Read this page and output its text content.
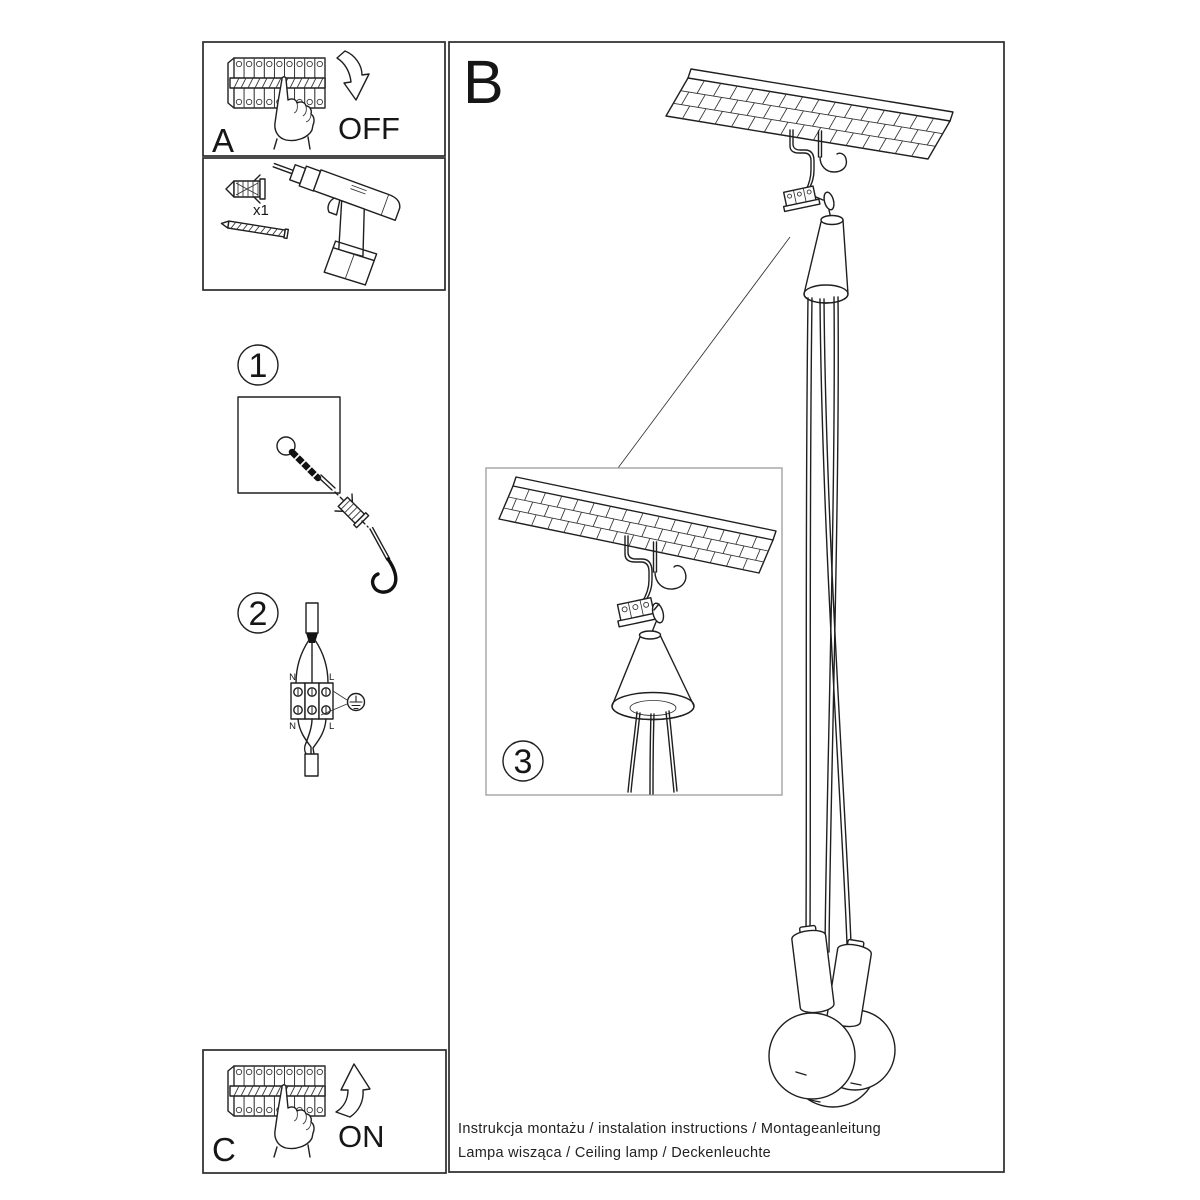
A	OFF
x1
1
2
N	L
N	L
B
3
Instrukcja montażu / instalation instructions / Montageanleitung
Lampa wisząca / Ceiling lamp / Deckenleuchte
C	ON
